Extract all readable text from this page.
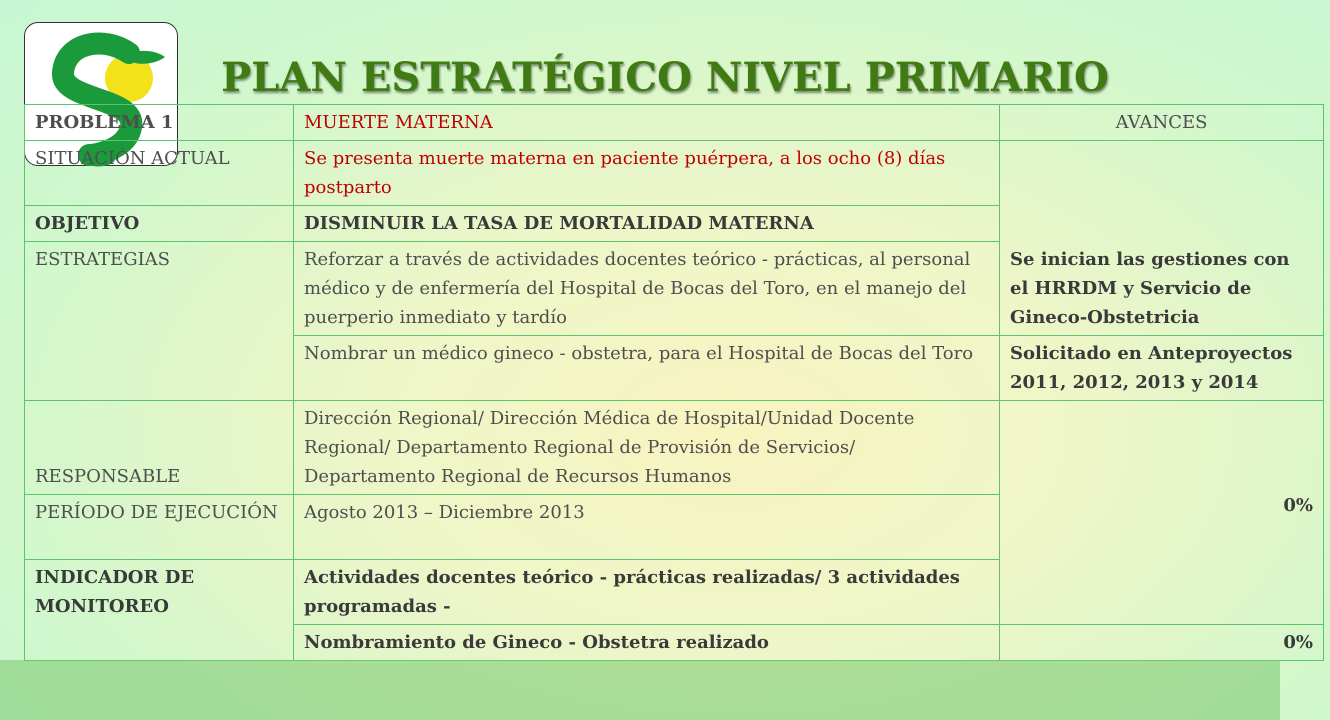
PLAN ESTRATÉGICO NIVEL PRIMARIO
PROBLEMA 1	MUERTE MATERNA	AVANCES
SITUACIÓN ACTUAL	Se presenta muerte materna en paciente puérpera, a los ocho (8) días postparto	Se inician las gestiones con el HRRDM y Servicio de Gineco-Obstetricia
OBJETIVO	DISMINUIR LA TASA DE MORTALIDAD MATERNA	
ESTRATEGIAS	Reforzar a través de actividades docentes teórico - prácticas, al personal médico y de enfermería del Hospital de Bocas del Toro, en el manejo del puerperio inmediato y tardío	
	Nombrar un médico gineco - obstetra, para el Hospital de Bocas del Toro	Solicitado en Anteproyectos 2011, 2012, 2013 y 2014
RESPONSABLE	Dirección Regional/ Dirección Médica de Hospital/Unidad Docente Regional/ Departamento Regional de Provisión de Servicios/ Departamento Regional de Recursos Humanos	0%
PERÍODO DE EJECUCIÓN	Agosto 2013 – Diciembre 2013	
INDICADOR DE MONITOREO	Actividades docentes teórico - prácticas realizadas/ 3 actividades programadas -	
	Nombramiento de Gineco - Obstetra realizado	0%
